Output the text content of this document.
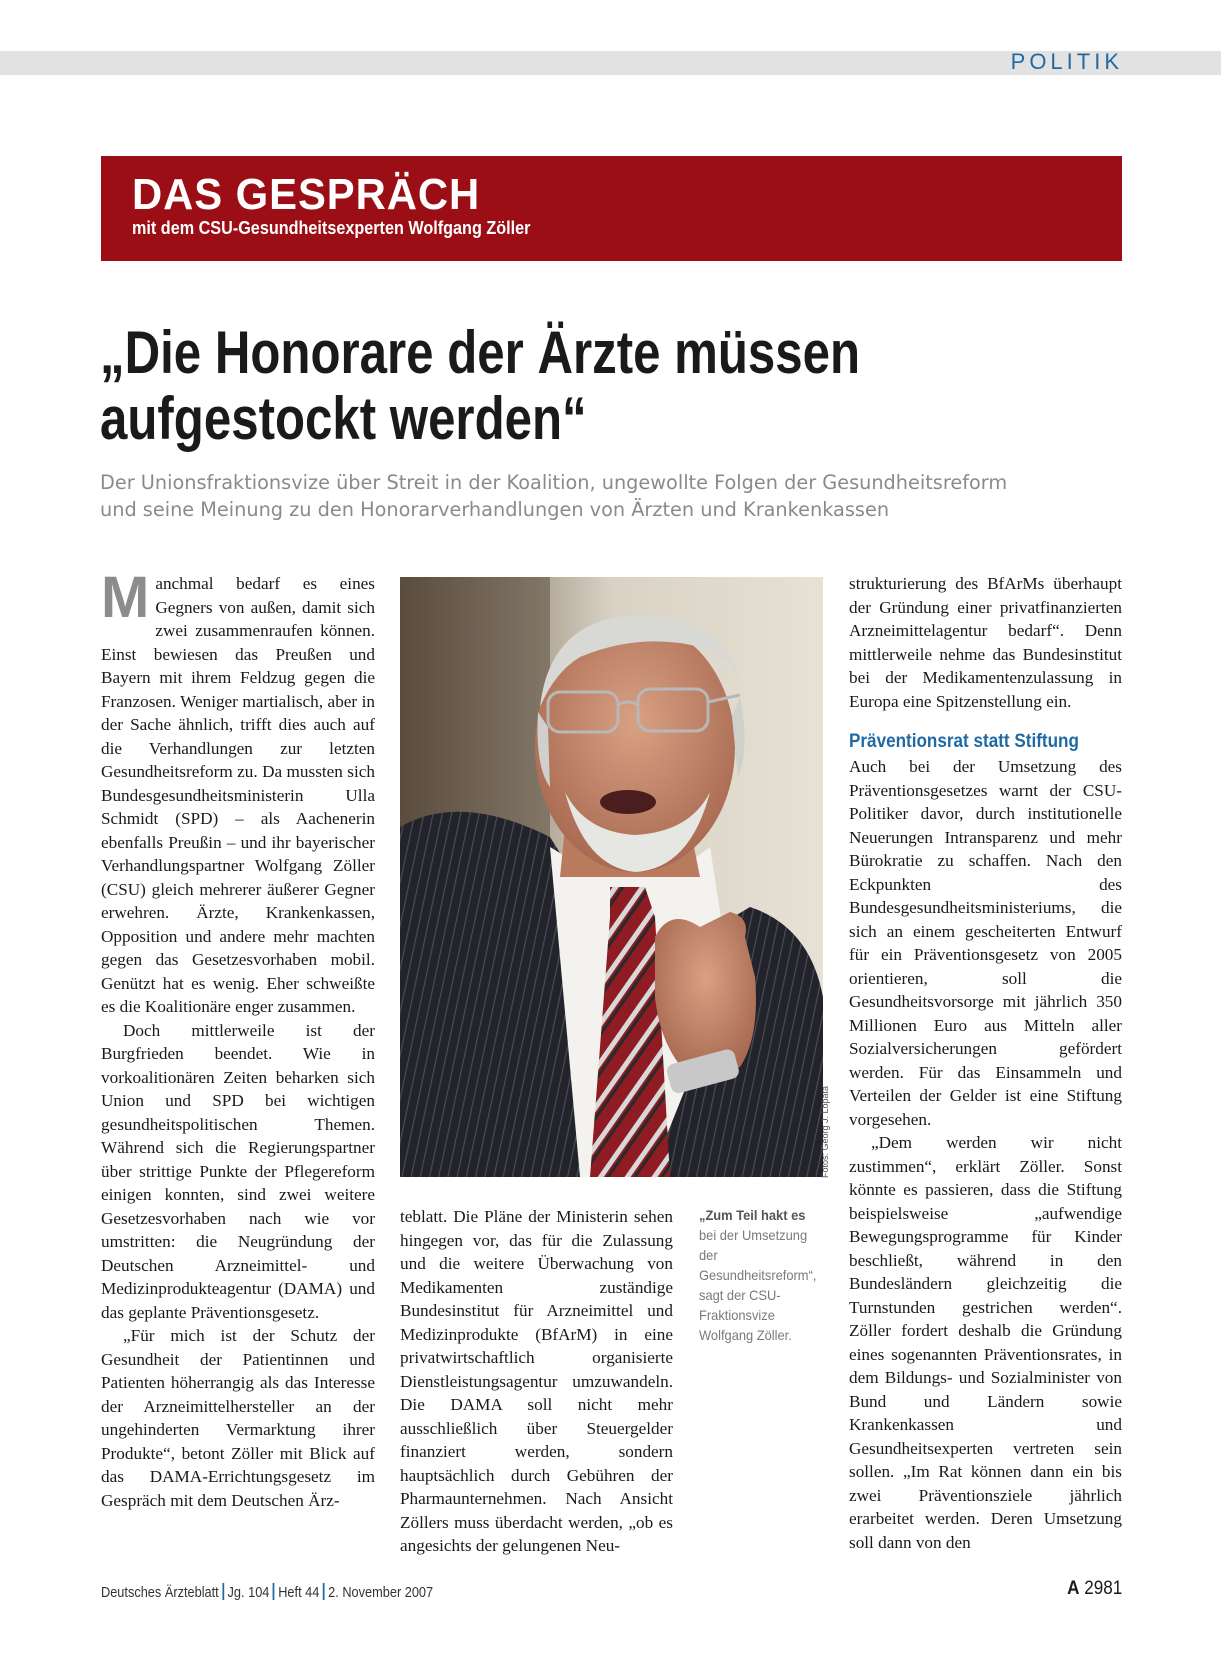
POLITIK
DAS GESPRÄCH
mit dem CSU-Gesundheitsexperten Wolfgang Zöller
„Die Honorare der Ärzte müssen
aufgestockt werden“

Der Unionsfraktionsvize über Streit in der Koalition, ungewollte Folgen der Gesundheitsreform
und seine Meinung zu den Honorarverhandlungen von Ärzten und Krankenkassen

Manchmal bedarf es eines Gegners von außen, damit sich zwei zusammenraufen können. Einst bewiesen das Preußen und Bayern mit ihrem Feldzug gegen die Franzosen. Weniger martialisch, aber in der Sache ähnlich, trifft dies auch auf die Verhandlungen zur letzten Gesundheitsreform zu. Da mussten sich Bundesgesundheitsministerin Ulla Schmidt (SPD) – als Aachenerin ebenfalls Preußin – und ihr bayerischer Verhandlungspartner Wolfgang Zöller (CSU) gleich mehrerer äußerer Gegner erwehren. Ärzte, Krankenkassen, Opposition und andere mehr machten gegen das Gesetzesvorhaben mobil. Genützt hat es wenig. Eher schweißte es die Koalitionäre enger zusammen.

Doch mittlerweile ist der Burgfrieden beendet. Wie in vorkoalitionären Zeiten beharken sich Union und SPD bei wichtigen gesundheitspolitischen Themen. Während sich die Regierungspartner über strittige Punkte der Pflegereform einigen konnten, sind zwei weitere Gesetzesvorhaben nach wie vor umstritten: die Neugründung der Deutschen Arzneimittel- und Medizinprodukteagentur (DAMA) und das geplante Präventionsgesetz.

„Für mich ist der Schutz der Gesundheit der Patientinnen und Patienten höherrangig als das Interesse der Arzneimittelhersteller an der ungehinderten Vermarktung ihrer Produkte“, betont Zöller mit Blick auf das DAMA-Errichtungsgesetz im Gespräch mit dem Deutschen Ärz-

Fotos: Georg J. Lopata
„Zum Teil hakt es bei der Umsetzung der Gesundheitsreform“, sagt der CSU-Fraktionsvize Wolfgang Zöller.

teblatt. Die Pläne der Ministerin sehen hingegen vor, das für die Zulassung und die weitere Überwachung von Medikamenten zuständige Bundesinstitut für Arzneimittel und Medizinprodukte (BfArM) in eine privatwirtschaftlich organisierte Dienstleistungsagentur umzuwandeln. Die DAMA soll nicht mehr ausschließlich über Steuergelder finanziert werden, sondern hauptsächlich durch Gebühren der Pharmaunternehmen. Nach Ansicht Zöllers muss überdacht werden, „ob es angesichts der gelungenen Neu-

strukturierung des BfArMs überhaupt der Gründung einer privatfinanzierten Arzneimittelagentur bedarf“. Denn mittlerweile nehme das Bundesinstitut bei der Medikamentenzulassung in Europa eine Spitzenstellung ein.

Präventionsrat statt Stiftung

Auch bei der Umsetzung des Präventionsgesetzes warnt der CSU-Politiker davor, durch institutionelle Neuerungen Intransparenz und mehr Bürokratie zu schaffen. Nach den Eckpunkten des Bundesgesundheitsministeriums, die sich an einem gescheiterten Entwurf für ein Präventionsgesetz von 2005 orientieren, soll die Gesundheitsvorsorge mit jährlich 350 Millionen Euro aus Mitteln aller Sozialversicherungen gefördert werden. Für das Einsammeln und Verteilen der Gelder ist eine Stiftung vorgesehen.

„Dem werden wir nicht zustimmen“, erklärt Zöller. Sonst könnte es passieren, dass die Stiftung beispielsweise „aufwendige Bewegungsprogramme für Kinder beschließt, während in den Bundesländern gleichzeitig die Turnstunden gestrichen werden“. Zöller fordert deshalb die Gründung eines sogenannten Präventionsrates, in dem Bildungs- und Sozialminister von Bund und Ländern sowie Krankenkassen und Gesundheitsexperten vertreten sein sollen. „Im Rat können dann ein bis zwei Präventionsziele jährlich erarbeitet werden. Deren Umsetzung soll dann von den

Deutsches Ärzteblatt Jg. 104 Heft 44 2. November 2007	A 2981
